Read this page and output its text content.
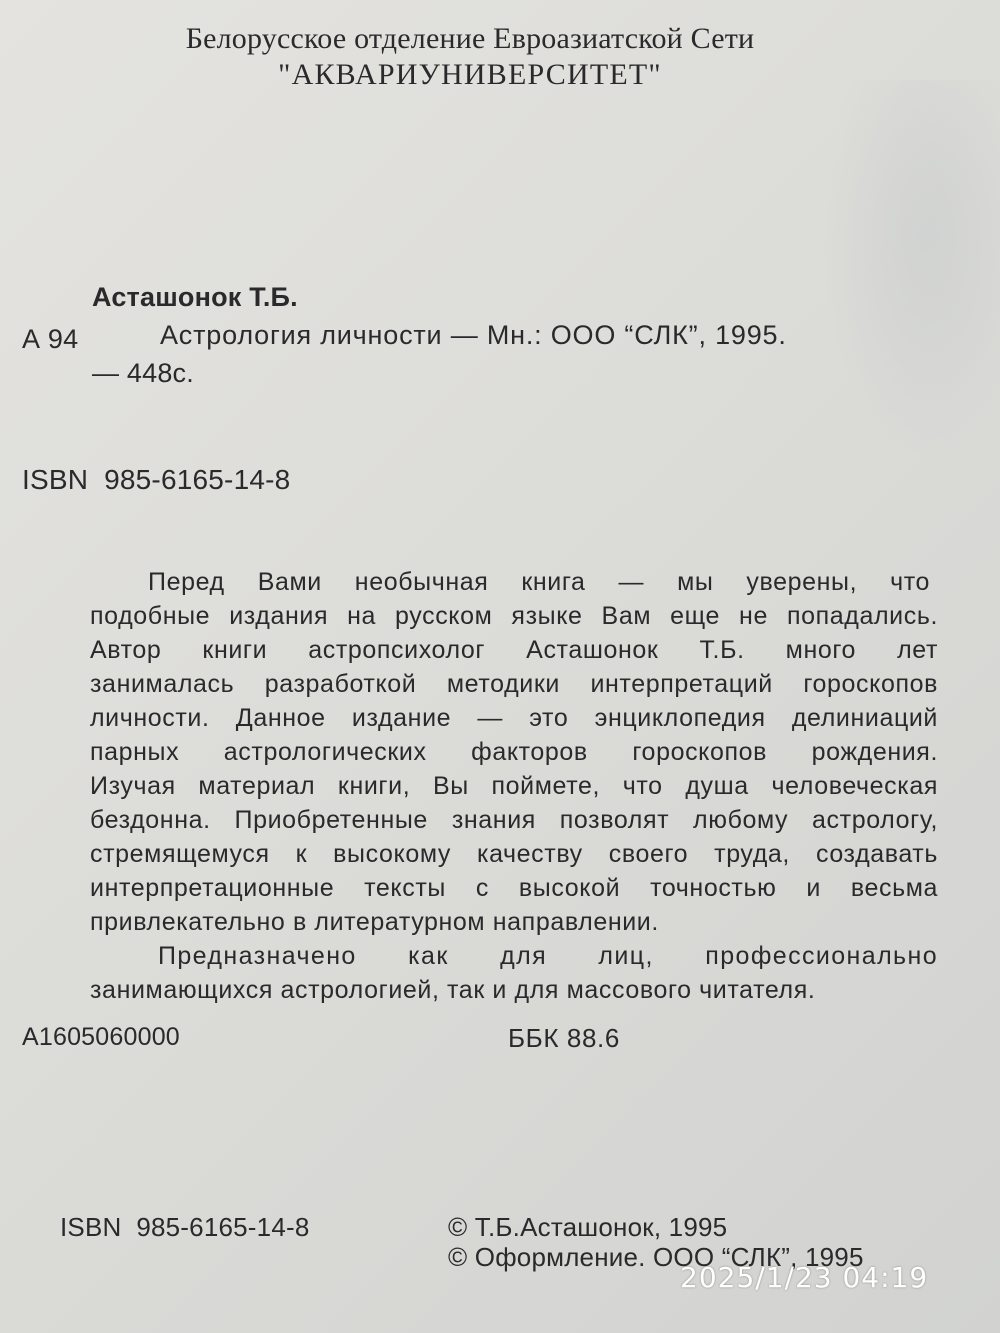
Белорусское отделение Евроазиатской Сети
"АКВАРИУНИВЕРСИТЕТ"
Асташонок Т.Б.
А 94	Астрология личности — Мн.: ООО “СЛК”, 1995.
— 448с.
ISBN  985-6165-14-8
Перед Вами необычная книга — мы уверены, что
подобные издания на русском языке Вам еще не попадались.
Автор книги астропсихолог Асташонок Т.Б. много лет
занималась разработкой методики интерпретаций гороскопов
личности. Данное издание — это энциклопедия делиниаций
парных астрологических факторов гороскопов рождения.
Изучая материал книги, Вы поймете, что душа человеческая
бездонна. Приобретенные знания позволят любому астрологу,
стремящемуся к высокому качеству своего труда, создавать
интерпретационные тексты с высокой точностью и весьма
привлекательно в литературном направлении.
Предназначено как для лиц, профессионально
занимающихся астрологией, так и для массового читателя.
А1605060000	ББК 88.6
ISBN  985-6165-14-8	© Т.Б.Асташонок, 1995
© Оформление. ООО “СЛК”, 1995
2025/1/23 04:19
